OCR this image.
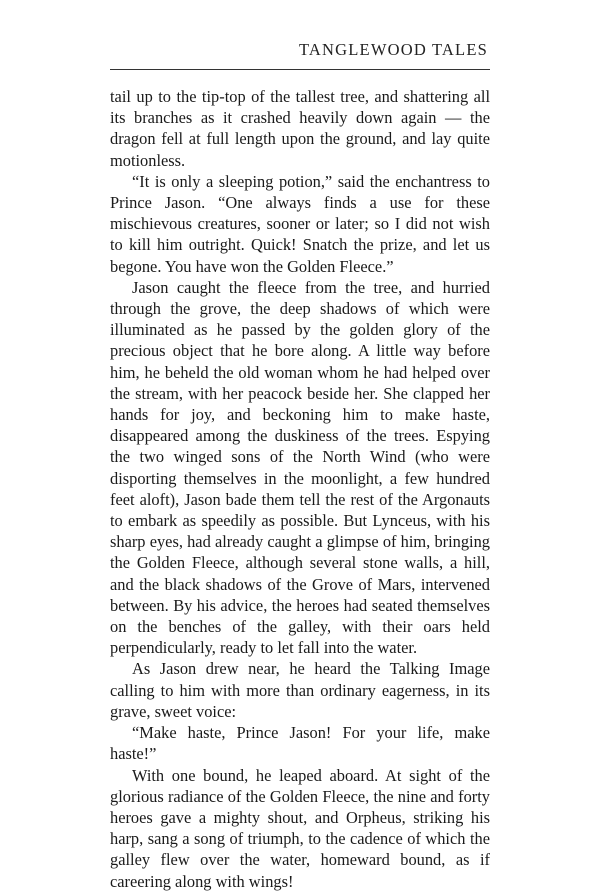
TANGLEWOOD TALES

tail up to the tip-top of the tallest tree, and shattering all its branches as it crashed heavily down again — the dragon fell at full length upon the ground, and lay quite motionless.

“It is only a sleeping potion,” said the enchantress to Prince Jason. “One always finds a use for these mischievous creatures, sooner or later; so I did not wish to kill him outright. Quick! Snatch the prize, and let us begone. You have won the Golden Fleece.”

Jason caught the fleece from the tree, and hurried through the grove, the deep shadows of which were illuminated as he passed by the golden glory of the precious object that he bore along. A little way before him, he beheld the old woman whom he had helped over the stream, with her peacock beside her. She clapped her hands for joy, and beckoning him to make haste, disappeared among the duskiness of the trees. Espying the two winged sons of the North Wind (who were disporting themselves in the moonlight, a few hundred feet aloft), Jason bade them tell the rest of the Argonauts to embark as speedily as possible. But Lynceus, with his sharp eyes, had already caught a glimpse of him, bringing the Golden Fleece, although several stone walls, a hill, and the black shadows of the Grove of Mars, intervened between. By his advice, the heroes had seated themselves on the benches of the galley, with their oars held perpendicularly, ready to let fall into the water.

As Jason drew near, he heard the Talking Image calling to him with more than ordinary eagerness, in its grave, sweet voice:

“Make haste, Prince Jason! For your life, make haste!”

With one bound, he leaped aboard. At sight of the glorious radiance of the Golden Fleece, the nine and forty heroes gave a mighty shout, and Orpheus, striking his harp, sang a song of triumph, to the cadence of which the galley flew over the water, homeward bound, as if careering along with wings!
